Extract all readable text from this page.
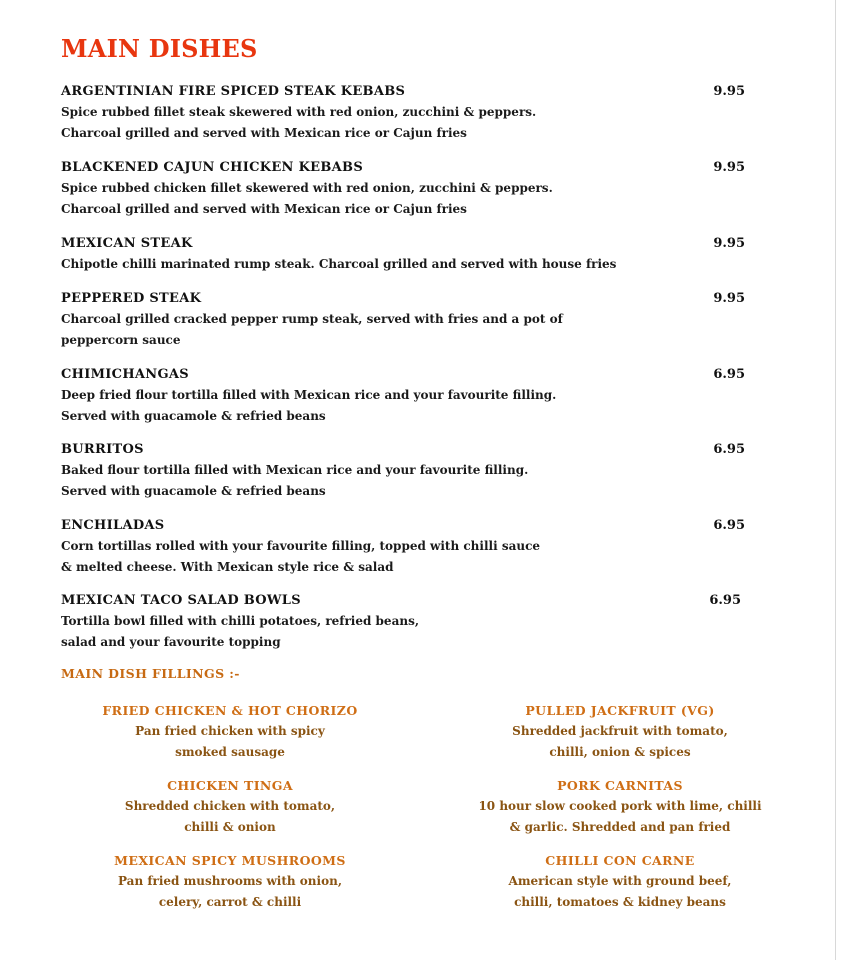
MAIN DISHES
ARGENTINIAN FIRE SPICED STEAK KEBABS	9.95
Spice rubbed fillet steak skewered with red onion, zucchini & peppers.
Charcoal grilled and served with Mexican rice or Cajun fries
BLACKENED CAJUN CHICKEN KEBABS	9.95
Spice rubbed chicken fillet skewered with red onion, zucchini & peppers.
Charcoal grilled and served with Mexican rice or Cajun fries
MEXICAN STEAK	9.95
Chipotle chilli marinated rump steak. Charcoal grilled and served with house fries
PEPPERED STEAK	9.95
Charcoal grilled cracked pepper rump steak, served with fries and a pot of
peppercorn sauce
CHIMICHANGAS	6.95
Deep fried flour tortilla filled with Mexican rice and your favourite filling.
Served with guacamole & refried beans
BURRITOS	6.95
Baked flour tortilla filled with Mexican rice and your favourite filling.
Served with guacamole & refried beans
ENCHILADAS	6.95
Corn tortillas rolled with your favourite filling, topped with chilli sauce
& melted cheese. With Mexican style rice & salad
MEXICAN TACO SALAD BOWLS	6.95
Tortilla bowl filled with chilli potatoes, refried beans,
salad and your favourite topping
MAIN DISH FILLINGS :-
FRIED CHICKEN & HOT CHORIZO
Pan fried chicken with spicy
smoked sausage
PULLED JACKFRUIT (VG)
Shredded jackfruit with tomato,
chilli, onion & spices
CHICKEN TINGA
Shredded chicken with tomato,
chilli & onion
PORK CARNITAS
10 hour slow cooked pork with lime, chilli
& garlic. Shredded and pan fried
MEXICAN SPICY MUSHROOMS
Pan fried mushrooms with onion,
celery, carrot & chilli
CHILLI CON CARNE
American style with ground beef,
chilli, tomatoes & kidney beans
